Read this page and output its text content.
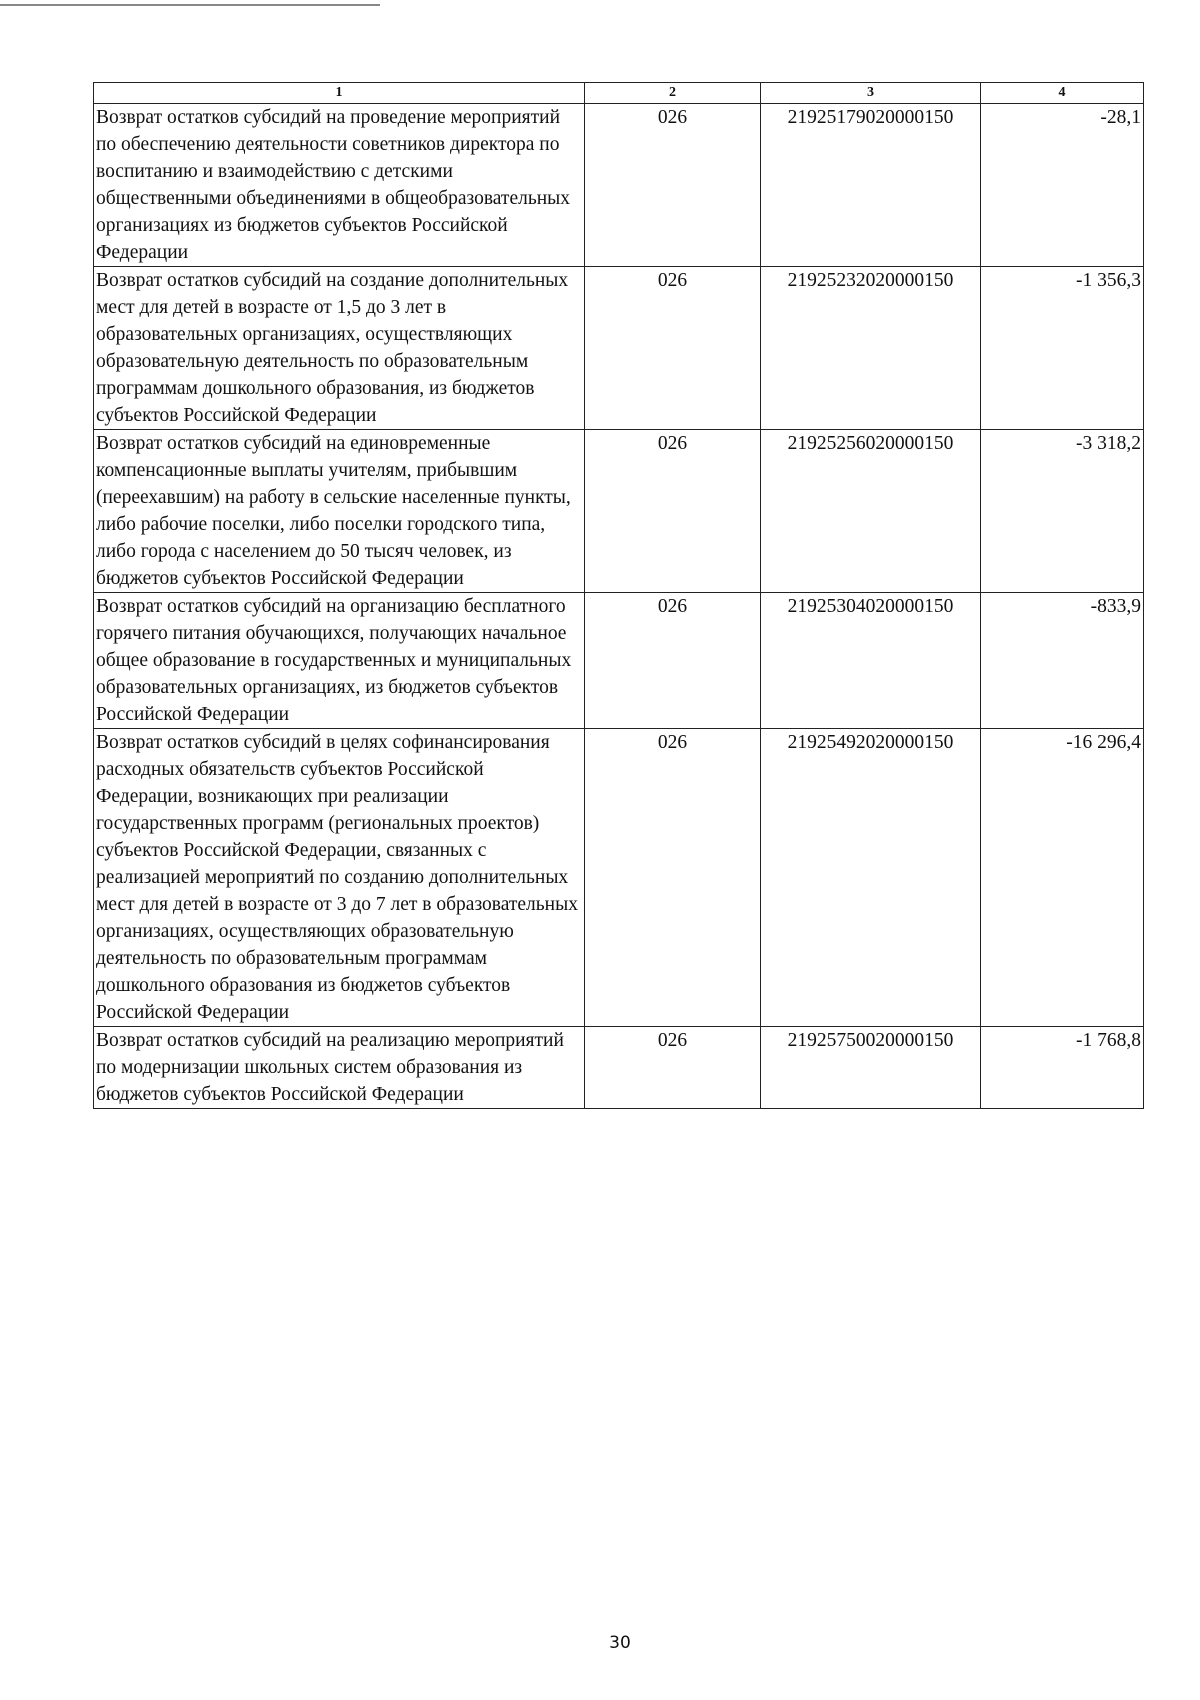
1	2	3	4
Возврат остатков субсидий на проведение мероприятий по обеспечению деятельности советников директора по воспитанию и взаимодействию с детскими общественными объединениями в общеобразовательных организациях из бюджетов субъектов Российской Федерации	026	21925179020000150	-28,1
Возврат остатков субсидий на создание дополнительных мест для детей в возрасте от 1,5 до 3 лет в образовательных организациях, осуществляющих образовательную деятельность по образовательным программам дошкольного образования, из бюджетов субъектов Российской Федерации	026	21925232020000150	-1 356,3
Возврат остатков субсидий на единовременные компенсационные выплаты учителям, прибывшим (переехавшим) на работу в сельские населенные пункты, либо рабочие поселки, либо поселки городского типа, либо города с населением до 50 тысяч человек, из бюджетов субъектов Российской Федерации	026	21925256020000150	-3 318,2
Возврат остатков субсидий на организацию бесплатного горячего питания обучающихся, получающих начальное общее образование в государственных и муниципальных образовательных организациях, из бюджетов субъектов Российской Федерации	026	21925304020000150	-833,9
Возврат остатков субсидий в целях софинансирования расходных обязательств субъектов Российской Федерации, возникающих при реализации государственных программ (региональных проектов) субъектов Российской Федерации, связанных с реализацией мероприятий по созданию дополнительных мест для детей в возрасте от 3 до 7 лет в образовательных организациях, осуществляющих образовательную деятельность по образовательным программам дошкольного образования из бюджетов субъектов Российской Федерации	026	21925492020000150	-16 296,4
Возврат остатков субсидий на реализацию мероприятий по модернизации школьных систем образования из бюджетов субъектов Российской Федерации	026	21925750020000150	-1 768,8
30
